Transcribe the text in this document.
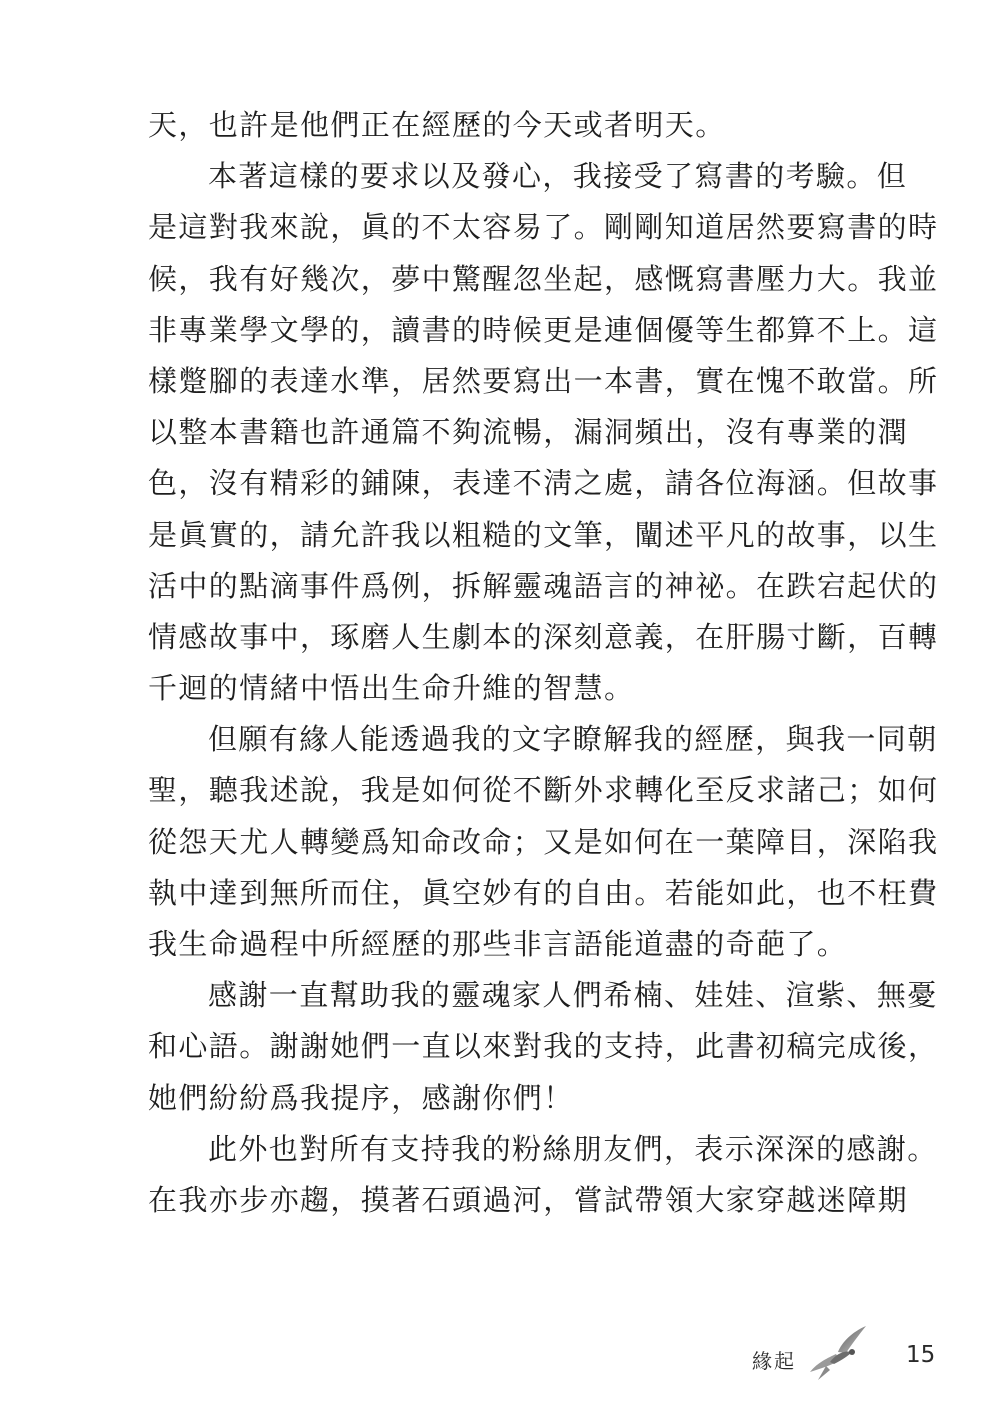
天，也許是他們正在經歷的今天或者明天。
本著這樣的要求以及發心，我接受了寫書的考驗。但
是這對我來說，眞的不太容易了。剛剛知道居然要寫書的時
候，我有好幾次，夢中驚醒忽坐起，感慨寫書壓力大。我並
非專業學文學的，讀書的時候更是連個優等生都算不上。這
樣蹩腳的表達水準，居然要寫出一本書，實在愧不敢當。所
以整本書籍也許通篇不夠流暢，漏洞頻出，沒有專業的潤
色，沒有精彩的鋪陳，表達不淸之處，請各位海涵。但故事
是眞實的，請允許我以粗糙的文筆，闡述平凡的故事，以生
活中的點滴事件爲例，拆解靈魂語言的神祕。在跌宕起伏的
情感故事中，琢磨人生劇本的深刻意義，在肝腸寸斷，百轉
千迴的情緒中悟出生命升維的智慧。
但願有緣人能透過我的文字瞭解我的經歷，與我一同朝
聖，聽我述說，我是如何從不斷外求轉化至反求諸己；如何
從怨天尤人轉變爲知命改命；又是如何在一葉障目，深陷我
執中達到無所而住，眞空妙有的自由。若能如此，也不枉費
我生命過程中所經歷的那些非言語能道盡的奇葩了。
感謝一直幫助我的靈魂家人們希楠、娃娃、渲紫、無憂
和心語。謝謝她們一直以來對我的支持，此書初稿完成後，
她們紛紛爲我提序，感謝你們！
此外也對所有支持我的粉絲朋友們，表示深深的感謝。
在我亦步亦趨，摸著石頭過河，嘗試帶領大家穿越迷障期
緣起	15
